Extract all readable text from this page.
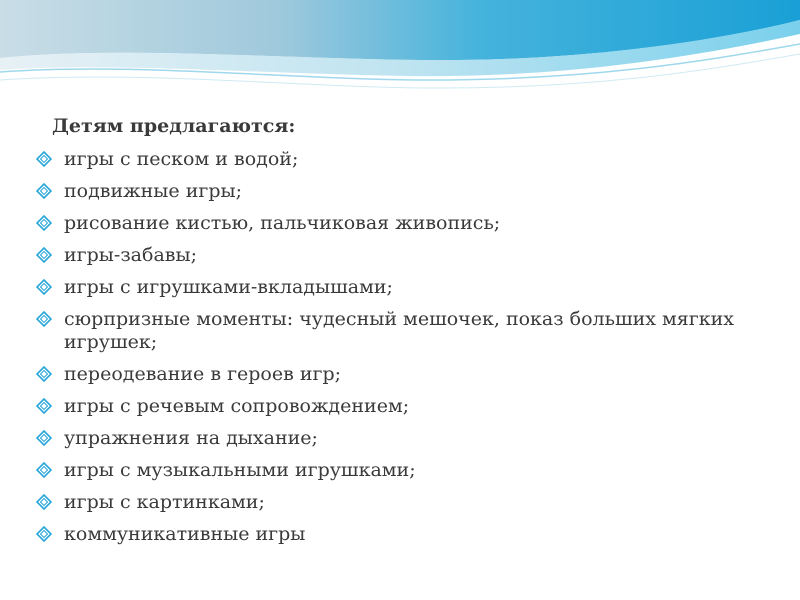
Детям предлагаются:
игры с песком и водой;
подвижные игры;
рисование кистью, пальчиковая живопись;
игры-забавы;
игры с игрушками-вкладышами;
сюрпризные моменты: чудесный мешочек, показ больших мягких игрушек;
переодевание в героев игр;
игры с речевым сопровождением;
упражнения на дыхание;
игры с музыкальными игрушками;
игры с картинками;
коммуникативные игры
